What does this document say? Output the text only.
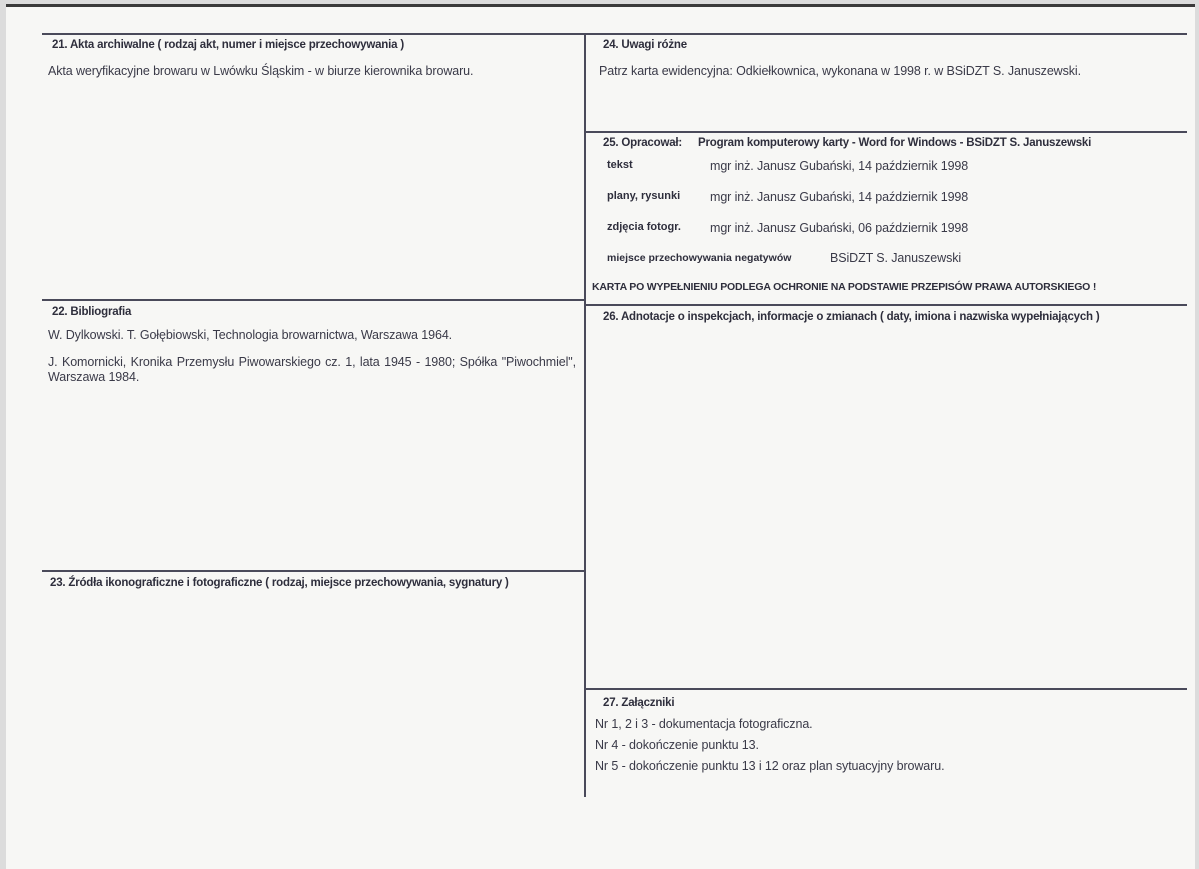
21. Akta archiwalne ( rodzaj akt, numer i miejsce przechowywania )
Akta weryfikacyjne browaru w Lwówku Śląskim - w biurze kierownika browaru.
22. Bibliografia
W. Dylkowski. T. Gołębiowski, Technologia browarnictwa, Warszawa 1964.
J. Komornicki, Kronika Przemysłu Piwowarskiego cz. 1, lata 1945 - 1980; Spółka "Piwochmiel", Warszawa 1984.
23. Źródła ikonograficzne i fotograficzne ( rodzaj, miejsce przechowywania, sygnatury )
24. Uwagi różne
Patrz karta ewidencyjna: Odkiełkownica, wykonana w 1998 r. w BSiDZT S. Januszewski.
25. Opracował: Program komputerowy karty - Word for Windows - BSiDZT S. Januszewski
tekst	mgr inż. Janusz Gubański, 14 październik 1998
plany, rysunki mgr inż. Janusz Gubański, 14 październik 1998
zdjęcia fotogr. mgr inż. Janusz Gubański, 06 październik 1998
miejsce przechowywania negatywów	BSiDZT S. Januszewski
KARTA PO WYPEŁNIENIU PODLEGA OCHRONIE NA PODSTAWIE PRZEPISÓW PRAWA AUTORSKIEGO !
26. Adnotacje o inspekcjach, informacje o zmianach ( daty, imiona i nazwiska wypełniających )
27. Załączniki
Nr 1, 2 i 3 - dokumentacja fotograficzna.
Nr 4 - dokończenie punktu 13.
Nr 5 - dokończenie punktu 13 i 12 oraz plan sytuacyjny browaru.
